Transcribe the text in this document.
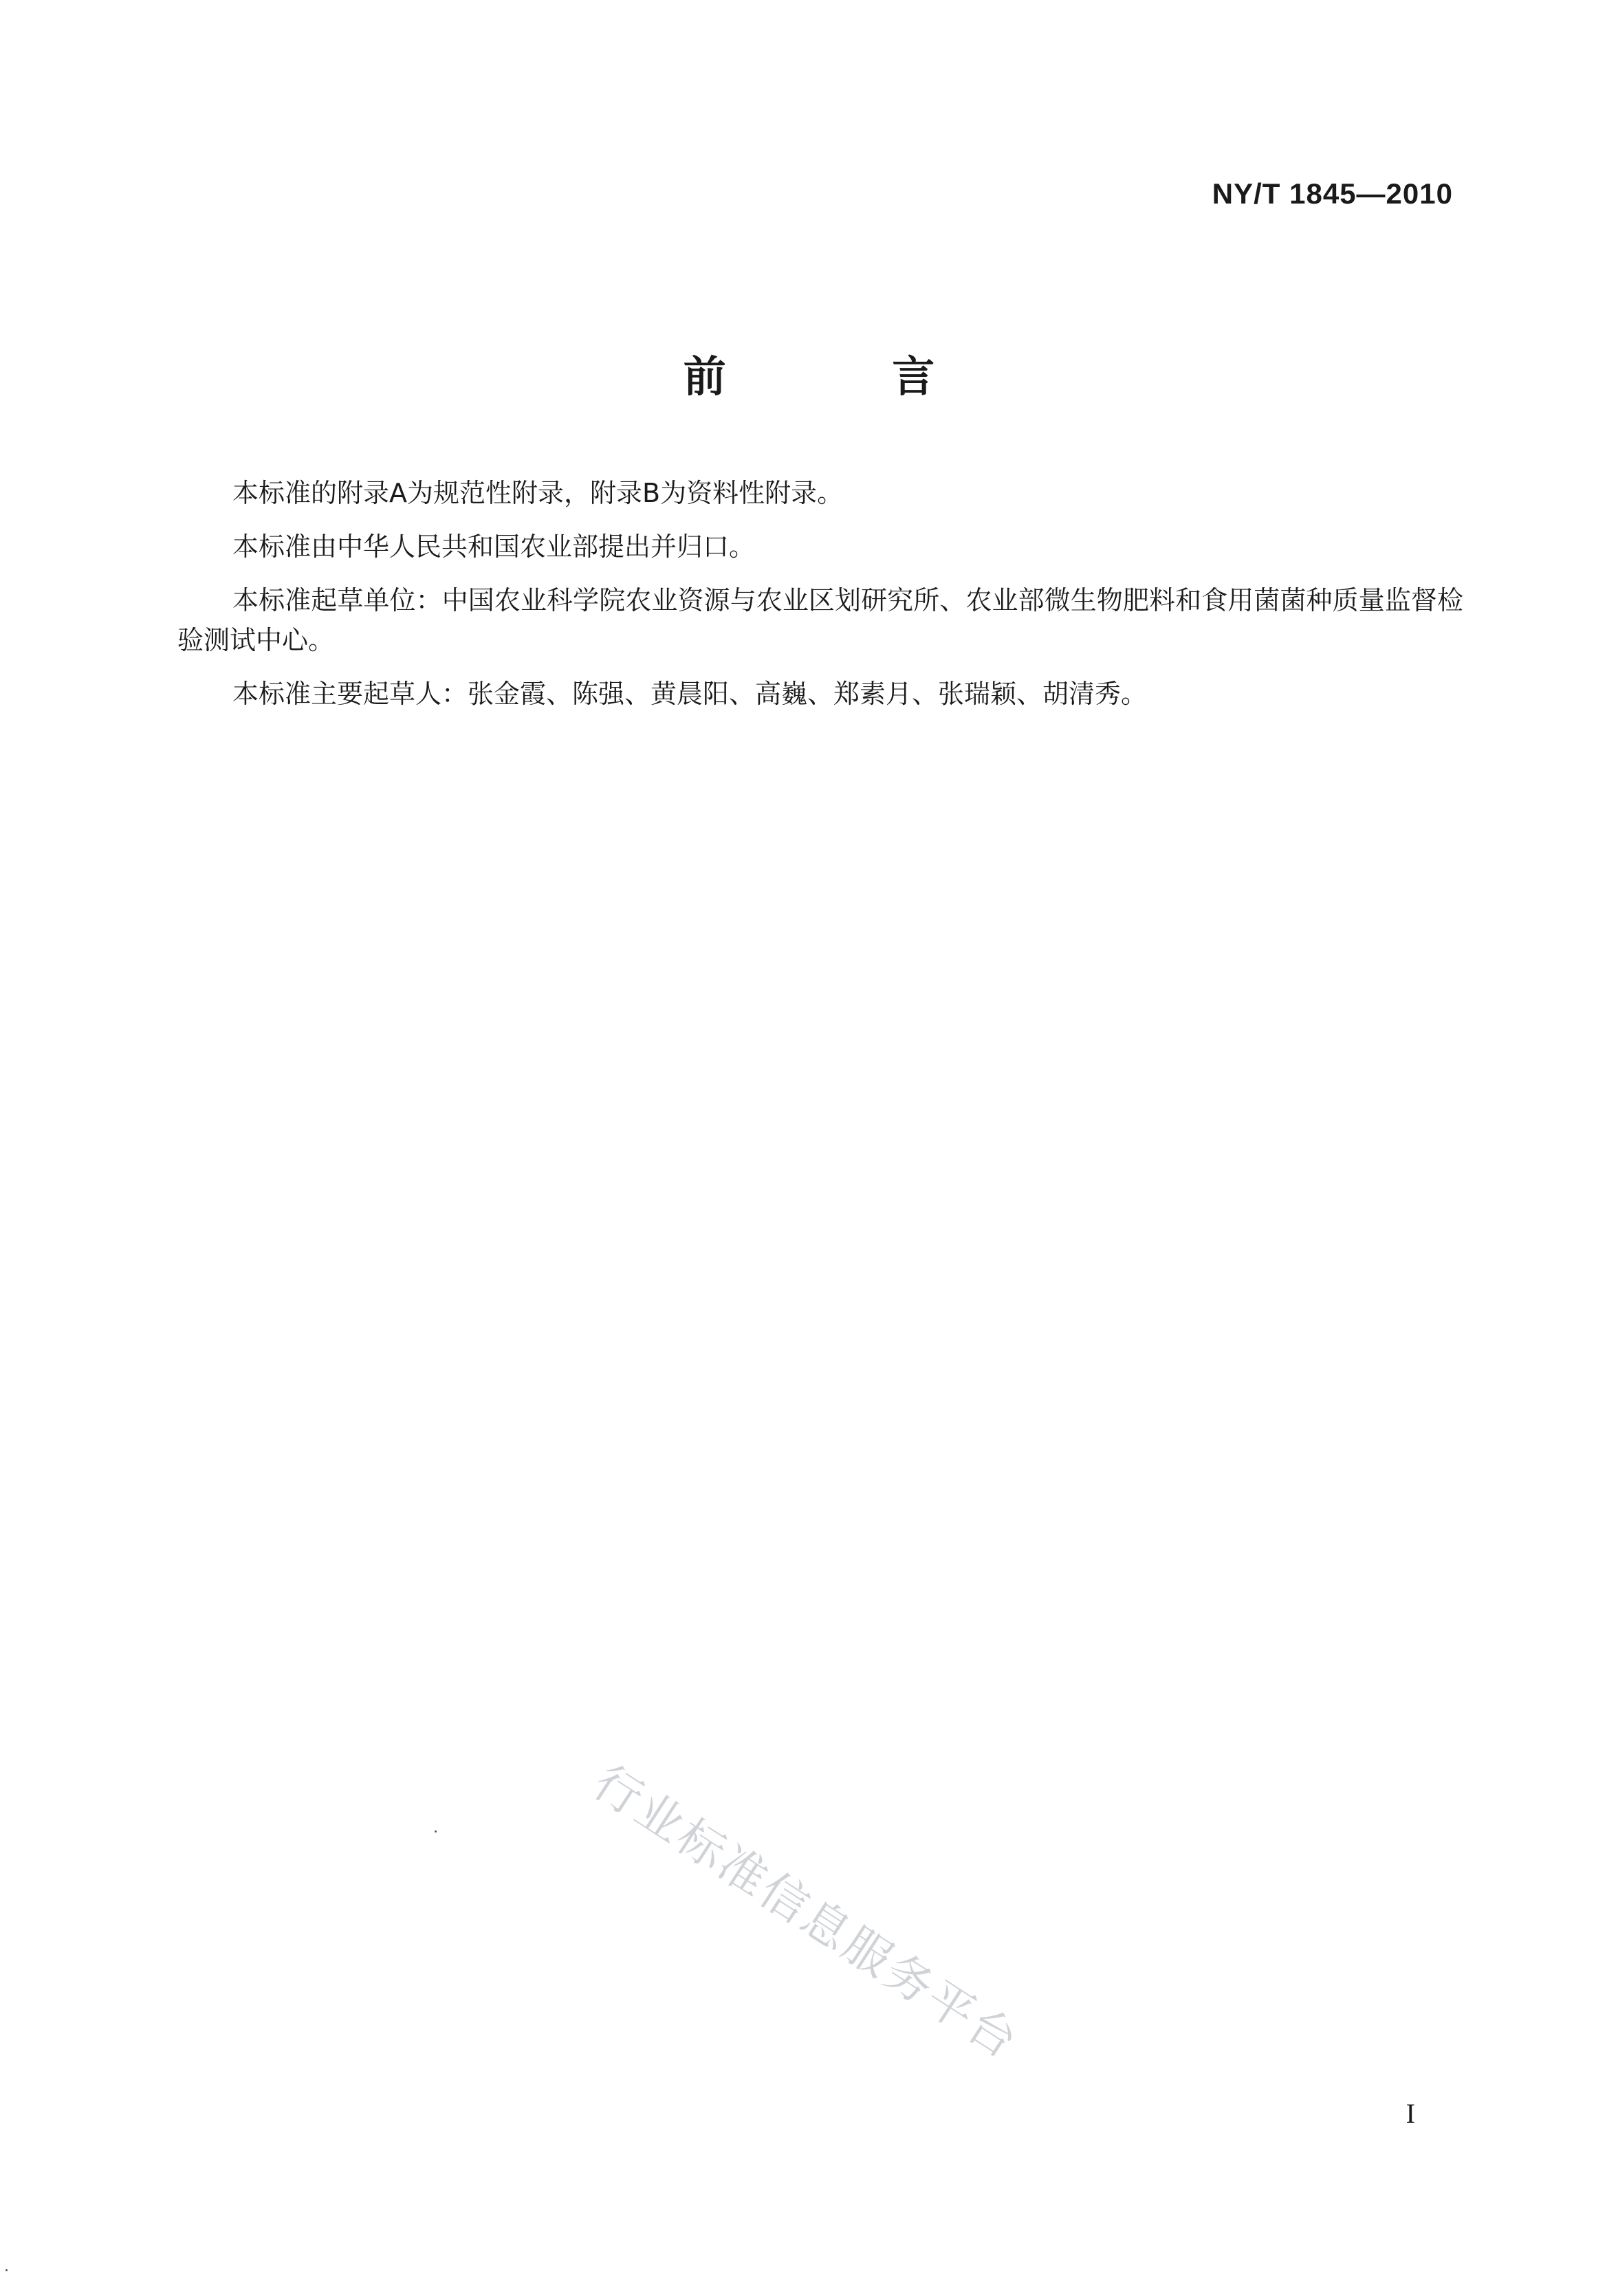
NY/T 1845—2010
前 言

本标准的附录A为规范性附录，附录B为资料性附录。

本标准由中华人民共和国农业部提出并归口。

本标准起草单位：中国农业科学院农业资源与农业区划研究所、农业部微生物肥料和食用菌菌种质量监督检验测试中心。

本标准主要起草人：张金霞、陈强、黄晨阳、高巍、郑素月、张瑞颖、胡清秀。

行业标准信息服务平台
I
